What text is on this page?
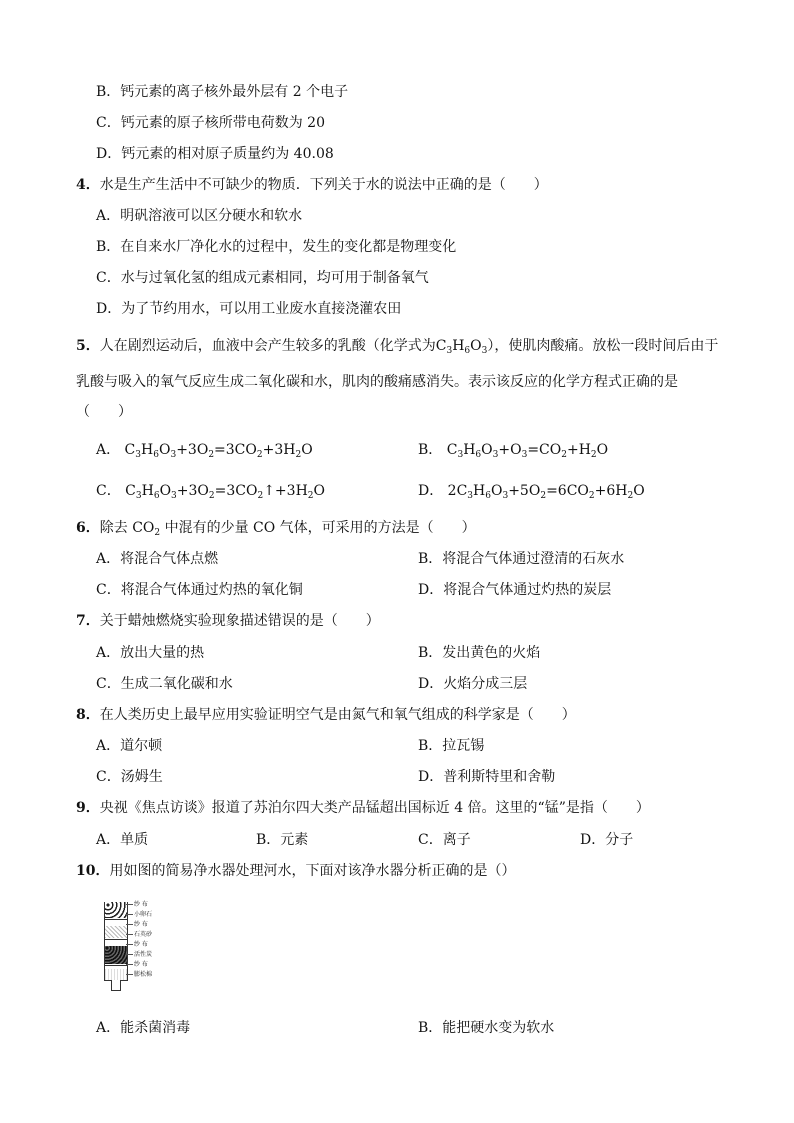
B．钙元素的离子核外最外层有 2 个电子
C．钙元素的原子核所带电荷数为 20
D．钙元素的相对原子质量约为 40.08
4．水是生产生活中不可缺少的物质．下列关于水的说法中正确的是（　　）
A．明矾溶液可以区分硬水和软水
B．在自来水厂净化水的过程中，发生的变化都是物理变化
C．水与过氧化氢的组成元素相同，均可用于制备氧气
D．为了节约用水，可以用工业废水直接浇灌农田
5．人在剧烈运动后，血液中会产生较多的乳酸（化学式为$C_3H_6O_3$），使肌肉酸痛。放松一段时间后由于
乳酸与吸入的氧气反应生成二氧化碳和水，肌肉的酸痛感消失。表示该反应的化学方程式正确的是
（　　）
A． $C_3H_6O_3+3O_2=3CO_2+3H_2O$	B． $C_3H_6O_3+O_3=CO_2+H_2O$
C． $C_3H_6O_3+3O_2=3CO_2↑+3H_2O$	D． $2C_3H_6O_3+5O_2=6CO_2+6H_2O$
6．除去 $CO_2$ 中混有的少量 CO 气体，可采用的方法是（　　）
A．将混合气体点燃	B．将混合气体通过澄清的石灰水
C．将混合气体通过灼热的氧化铜	D．将混合气体通过灼热的炭层
7．关于蜡烛燃烧实验现象描述错误的是（　　）
A．放出大量的热	B．发出黄色的火焰
C．生成二氧化碳和水	D．火焰分成三层
8．在人类历史上最早应用实验证明空气是由氮气和氧气组成的科学家是（　　）
A．道尔顿	B．拉瓦锡
C．汤姆生	D．普利斯特里和舍勒
9．央视《焦点访谈》报道了苏泊尔四大类产品锰超出国标近 4 倍。这里的“锰”是指（　　）
A．单质	B．元素	C．离子	D．分子
10．用如图的简易净水器处理河水，下面对该净水器分析正确的是（）
纱 布
小卵石
纱 布
石英砂
纱 布
活性炭
纱 布
膨松棉
A．能杀菌消毒	B．能把硬水变为软水
